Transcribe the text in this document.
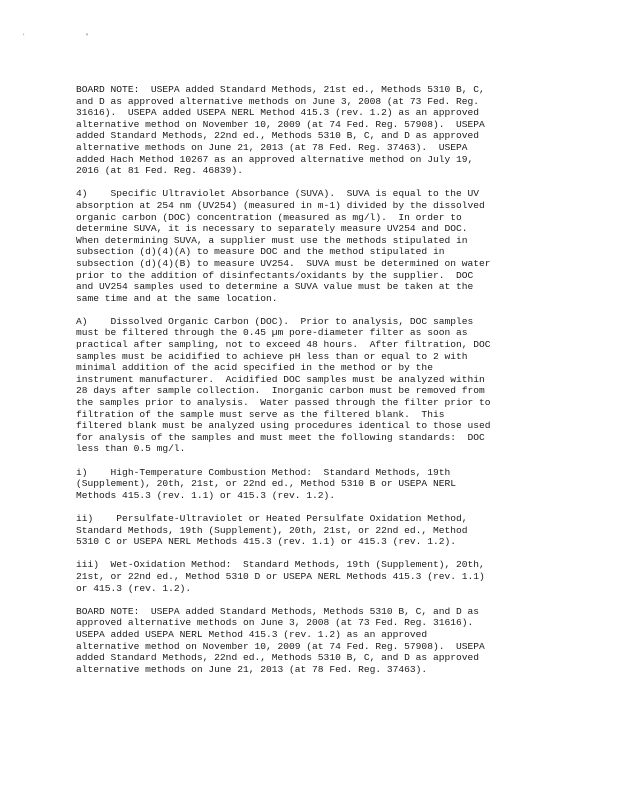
' "
BOARD NOTE:  USEPA added Standard Methods, 21st ed., Methods 5310 B, C,
and D as approved alternative methods on June 3, 2008 (at 73 Fed. Reg.
31616).  USEPA added USEPA NERL Method 415.3 (rev. 1.2) as an approved
alternative method on November 10, 2009 (at 74 Fed. Reg. 57908).  USEPA
added Standard Methods, 22nd ed., Methods 5310 B, C, and D as approved
alternative methods on June 21, 2013 (at 78 Fed. Reg. 37463).  USEPA
added Hach Method 10267 as an approved alternative method on July 19,
2016 (at 81 Fed. Reg. 46839).
4)    Specific Ultraviolet Absorbance (SUVA).  SUVA is equal to the UV
absorption at 254 nm (UV254) (measured in m-1) divided by the dissolved
organic carbon (DOC) concentration (measured as mg/l).  In order to
determine SUVA, it is necessary to separately measure UV254 and DOC.
When determining SUVA, a supplier must use the methods stipulated in
subsection (d)(4)(A) to measure DOC and the method stipulated in
subsection (d)(4)(B) to measure UV254.  SUVA must be determined on water
prior to the addition of disinfectants/oxidants by the supplier.  DOC
and UV254 samples used to determine a SUVA value must be taken at the
same time and at the same location.
A)    Dissolved Organic Carbon (DOC).  Prior to analysis, DOC samples
must be filtered through the 0.45 µm pore-diameter filter as soon as
practical after sampling, not to exceed 48 hours.  After filtration, DOC
samples must be acidified to achieve pH less than or equal to 2 with
minimal addition of the acid specified in the method or by the
instrument manufacturer.  Acidified DOC samples must be analyzed within
28 days after sample collection.  Inorganic carbon must be removed from
the samples prior to analysis.  Water passed through the filter prior to
filtration of the sample must serve as the filtered blank.  This
filtered blank must be analyzed using procedures identical to those used
for analysis of the samples and must meet the following standards:  DOC
less than 0.5 mg/l.
i)    High-Temperature Combustion Method:  Standard Methods, 19th
(Supplement), 20th, 21st, or 22nd ed., Method 5310 B or USEPA NERL
Methods 415.3 (rev. 1.1) or 415.3 (rev. 1.2).
ii)    Persulfate-Ultraviolet or Heated Persulfate Oxidation Method,
Standard Methods, 19th (Supplement), 20th, 21st, or 22nd ed., Method
5310 C or USEPA NERL Methods 415.3 (rev. 1.1) or 415.3 (rev. 1.2).
iii)  Wet-Oxidation Method:  Standard Methods, 19th (Supplement), 20th,
21st, or 22nd ed., Method 5310 D or USEPA NERL Methods 415.3 (rev. 1.1)
or 415.3 (rev. 1.2).
BOARD NOTE:  USEPA added Standard Methods, Methods 5310 B, C, and D as
approved alternative methods on June 3, 2008 (at 73 Fed. Reg. 31616).
USEPA added USEPA NERL Method 415.3 (rev. 1.2) as an approved
alternative method on November 10, 2009 (at 74 Fed. Reg. 57908).  USEPA
added Standard Methods, 22nd ed., Methods 5310 B, C, and D as approved
alternative methods on June 21, 2013 (at 78 Fed. Reg. 37463).
